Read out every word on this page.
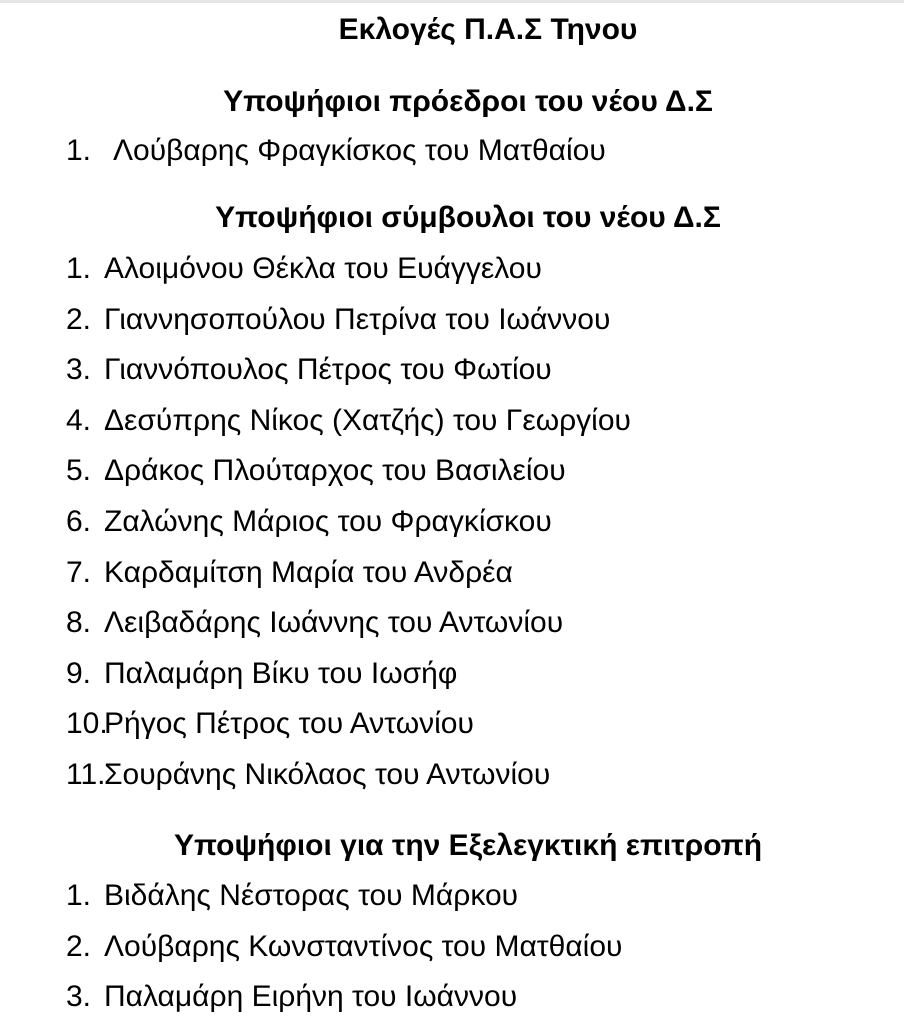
Εκλογές Π.Α.Σ Τηνου
Υποψήφιοι πρόεδροι του νέου Δ.Σ
1. Λούβαρης Φραγκίσκος του Ματθαίου
Υποψήφιοι σύμβουλοι του νέου Δ.Σ
1. Αλοιμόνου Θέκλα του Ευάγγελου
2. Γιαννησοπούλου Πετρίνα του Ιωάννου
3. Γιαννόπουλος Πέτρος του Φωτίου
4. Δεσύπρης Νίκος (Χατζής) του Γεωργίου
5. Δράκος Πλούταρχος του Βασιλείου
6. Ζαλώνης Μάριος του Φραγκίσκου
7. Καρδαμίτση Μαρία του Ανδρέα
8. Λειβαδάρης Ιωάννης του Αντωνίου
9. Παλαμάρη Βίκυ του Ιωσήφ
10.
Ρήγος Πέτρος του Αντωνίου
11.
Σουράνης Νικόλαος του Αντωνίου
Υποψήφιοι για την Εξελεγκτική επιτροπή
1. Βιδάλης Νέστορας του Μάρκου
2. Λούβαρης Κωνσταντίνος του Ματθαίου
3. Παλαμάρη Ειρήνη του Ιωάννου
